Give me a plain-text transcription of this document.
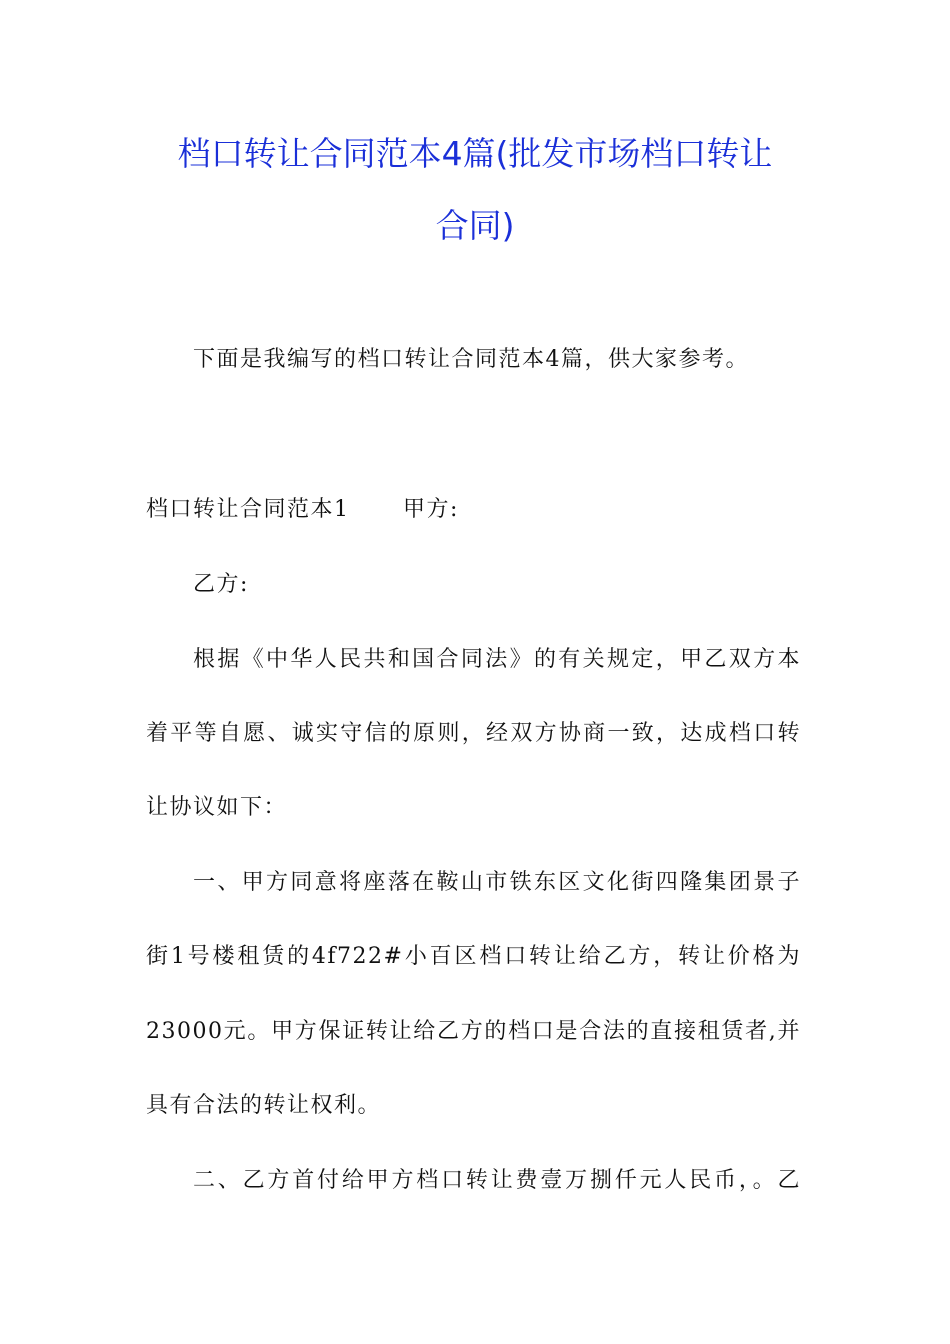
档口转让合同范本4篇(批发市场档口转让
合同)
下面是我编写的档口转让合同范本4篇，供大家参考。
档口转让合同范本1 甲方:
乙方:
根据《中华人民共和国合同法》的有关规定，甲乙双方本
着平等自愿、诚实守信的原则，经双方协商一致，达成档口转
让协议如下：
一、甲方同意将座落在鞍山市铁东区文化街四隆集团景子
街1号楼租赁的4f722#小百区档口转让给乙方，转让价格为
23000元。甲方保证转让给乙方的档口是合法的直接租赁者,并
具有合法的转让权利。
二、乙方首付给甲方档口转让费壹万捌仟元人民币，。乙
